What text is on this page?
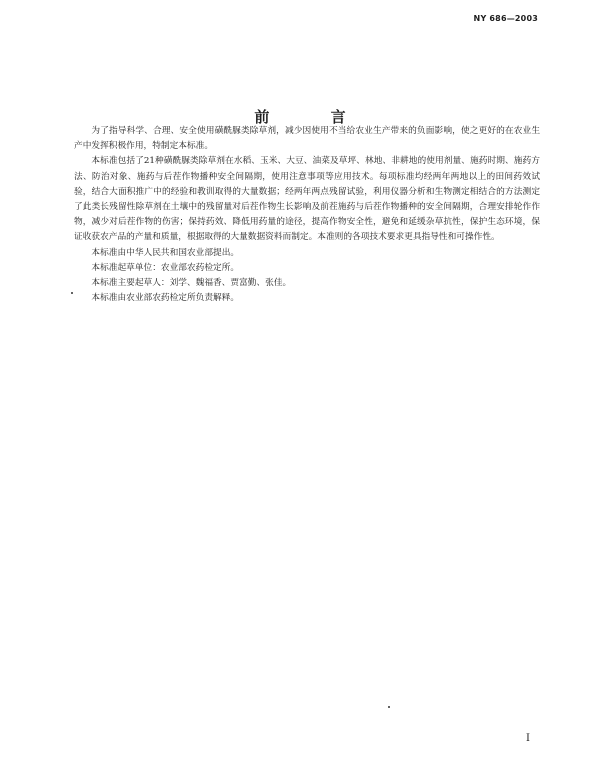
NY 686—2003
前 言

为了指导科学、合理、安全使用磺酰脲类除草剂，减少因使用不当给农业生产带来的负面影响，使之更好的在农业生产中发挥积极作用，特制定本标准。

本标准包括了21种磺酰脲类除草剂在水稻、玉米、大豆、油菜及草坪、林地、非耕地的使用剂量、施药时期、施药方法、防治对象、施药与后茬作物播种安全间隔期，使用注意事项等应用技术。每项标准均经两年两地以上的田间药效试验，结合大面积推广中的经验和教训取得的大量数据；经两年两点残留试验，利用仪器分析和生物测定相结合的方法测定了此类长残留性除草剂在土壤中的残留量对后茬作物生长影响及前茬施药与后茬作物播种的安全间隔期，合理安排轮作作物，减少对后茬作物的伤害；保持药效、降低用药量的途径，提高作物安全性，避免和延缓杂草抗性，保护生态环境，保证收获农产品的产量和质量，根据取得的大量数据资料而制定。本准则的各项技术要求更具指导性和可操作性。

本标准由中华人民共和国农业部提出。

本标准起草单位：农业部农药检定所。

本标准主要起草人：刘学、魏福香、贾富勤、张佳。

本标准由农业部农药检定所负责解释。

I
